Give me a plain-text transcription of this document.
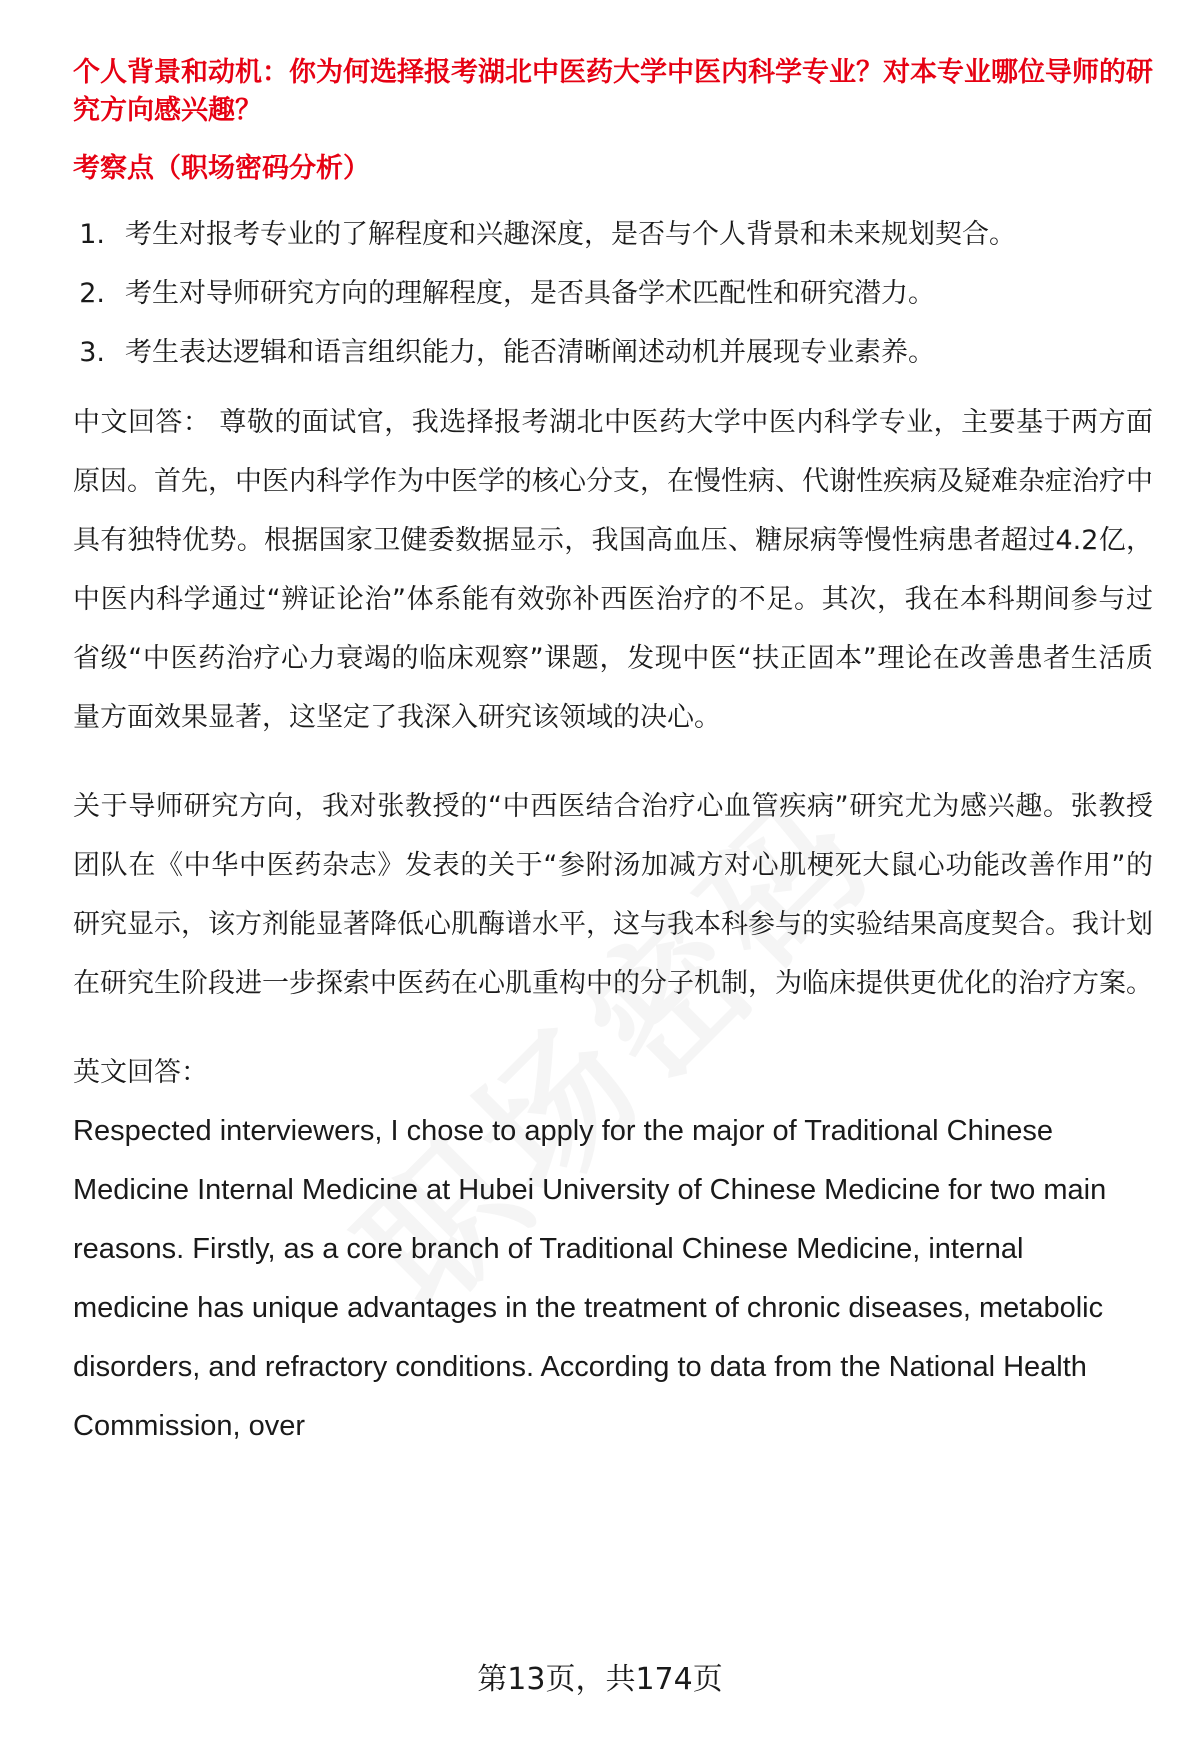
个人背景和动机：你为何选择报考湖北中医药大学中医内科学专业？对本专业哪位导师的研究方向感兴趣？

考察点（职场密码分析）

1. 考生对报考专业的了解程度和兴趣深度，是否与个人背景和未来规划契合。
2. 考生对导师研究方向的理解程度，是否具备学术匹配性和研究潜力。
3. 考生表达逻辑和语言组织能力，能否清晰阐述动机并展现专业素养。

中文回答： 尊敬的面试官，我选择报考湖北中医药大学中医内科学专业，主要基于两方面原因。首先，中医内科学作为中医学的核心分支，在慢性病、代谢性疾病及疑难杂症治疗中具有独特优势。根据国家卫健委数据显示，我国高血压、糖尿病等慢性病患者超过4.2亿，中医内科学通过“辨证论治”体系能有效弥补西医治疗的不足。其次，我在本科期间参与过省级“中医药治疗心力衰竭的临床观察”课题，发现中医“扶正固本”理论在改善患者生活质量方面效果显著，这坚定了我深入研究该领域的决心。

关于导师研究方向，我对张教授的“中西医结合治疗心血管疾病”研究尤为感兴趣。张教授团队在《中华中医药杂志》发表的关于“参附汤加减方对心肌梗死大鼠心功能改善作用”的研究显示，该方剂能显著降低心肌酶谱水平，这与我本科参与的实验结果高度契合。我计划在研究生阶段进一步探索中医药在心肌重构中的分子机制，为临床提供更优化的治疗方案。

英文回答：

Respected interviewers, I chose to apply for the major of Traditional Chinese Medicine Internal Medicine at Hubei University of Chinese Medicine for two main reasons. Firstly, as a core branch of Traditional Chinese Medicine, internal medicine has unique advantages in the treatment of chronic diseases, metabolic disorders, and refractory conditions. According to data from the National Health Commission, over

第13页，共174页
